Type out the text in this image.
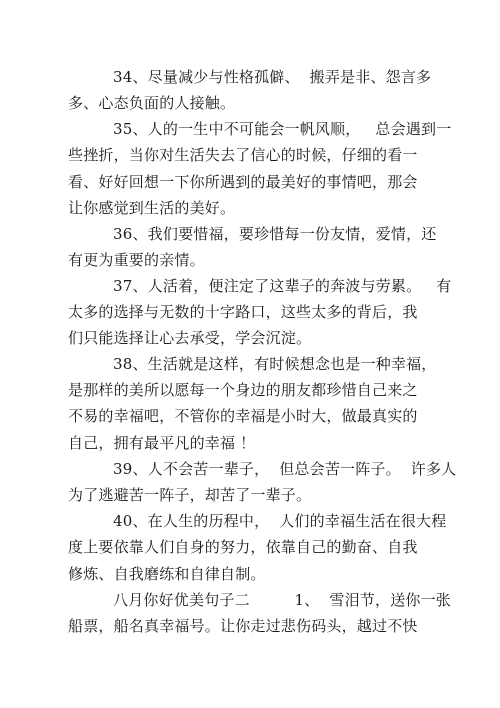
34、尽量减少与性格孤僻、  搬弄是非、怨言多
多、心态负面的人接触。
35、人的一生中不可能会一帆风顺，   总会遇到一
些挫折，当你对生活失去了信心的时候，仔细的看一
看、好好回想一下你所遇到的最美好的事情吧，那会
让你感觉到生活的美好。
36、我们要惜福，要珍惜每一份友情，爱情，还
有更为重要的亲情。
37、人活着，便注定了这辈子的奔波与劳累。   有
太多的选择与无数的十字路口，这些太多的背后，我
们只能选择让心去承受，学会沉淀。
38、生活就是这样，有时候想念也是一种幸福，
是那样的美所以愿每一个身边的朋友都珍惜自己来之
不易的幸福吧，不管你的幸福是小时大，做最真实的
自己，拥有最平凡的幸福 ！
39、人不会苦一辈子，  但总会苦一阵子。  许多人
为了逃避苦一阵子，却苦了一辈子。
40、在人生的历程中，  人们的幸福生活在很大程
度上要依靠人们自身的努力，依靠自己的勤奋、自我
修炼、自我磨练和自律自制。
八月你好优美句子二         1、  雪泪节，送你一张
船票，船名真幸福号。让你走过悲伤码头，越过不快
